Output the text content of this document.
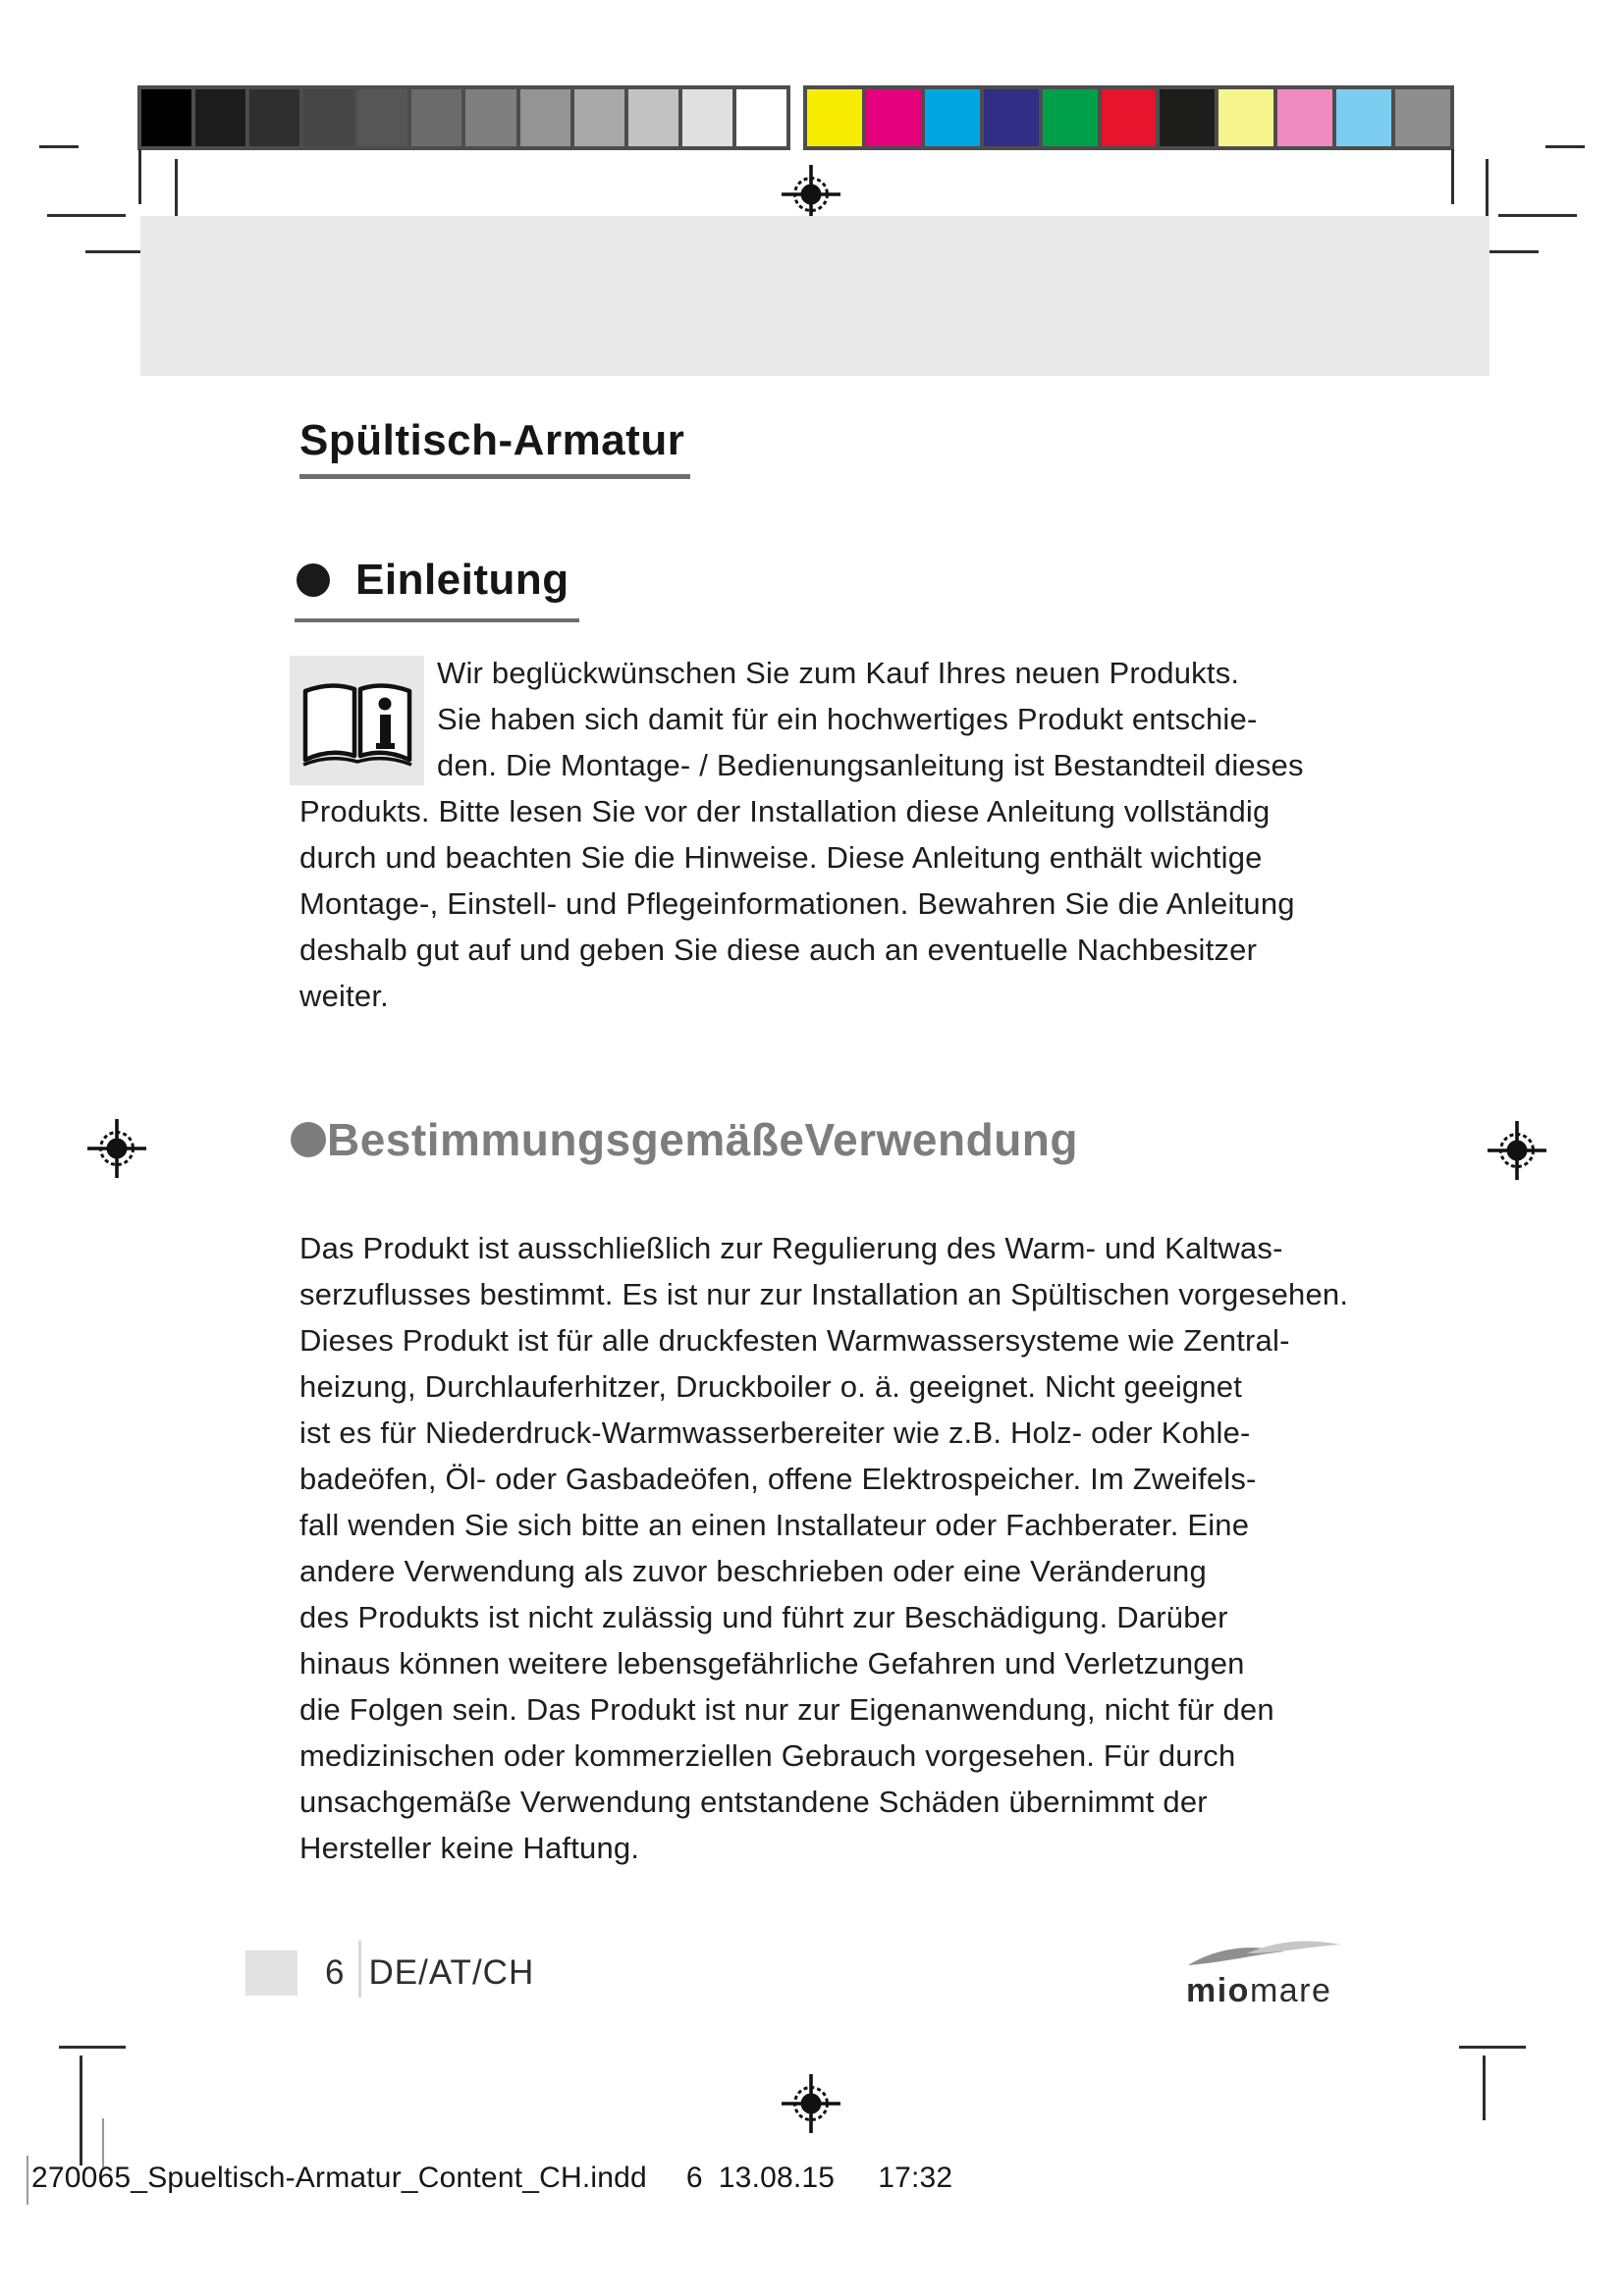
Spültisch-Armatur
Einleitung
Wir beglückwünschen Sie zum Kauf Ihres neuen Produkts.
Sie haben sich damit für ein hochwertiges Produkt entschie-
den. Die Montage- / Bedienungsanleitung ist Bestandteil dieses
Produkts. Bitte lesen Sie vor der Installation diese Anleitung vollständig
durch und beachten Sie die Hinweise. Diese Anleitung enthält wichtige
Montage-, Einstell- und Pflegeinformationen. Bewahren Sie die Anleitung
deshalb gut auf und geben Sie diese auch an eventuelle Nachbesitzer
weiter.
BestimmungsgemäßeVerwendung
Das Produkt ist ausschließlich zur Regulierung des Warm- und Kaltwas-
serzuflusses bestimmt. Es ist nur zur Installation an Spültischen vorgesehen.
Dieses Produkt ist für alle druckfesten Warmwassersysteme wie Zentral-
heizung, Durchlauferhitzer, Druckboiler o. ä. geeignet. Nicht geeignet
ist es für Niederdruck-Warmwasserbereiter wie z.B. Holz- oder Kohle-
badeöfen, Öl- oder Gasbadeöfen, offene Elektrospeicher. Im Zweifels-
fall wenden Sie sich bitte an einen Installateur oder Fachberater. Eine
andere Verwendung als zuvor beschrieben oder eine Veränderung
des Produkts ist nicht zulässig und führt zur Beschädigung. Darüber
hinaus können weitere lebensgefährliche Gefahren und Verletzungen
die Folgen sein. Das Produkt ist nur zur Eigenanwendung, nicht für den
medizinischen oder kommerziellen Gebrauch vorgesehen. Für durch
unsachgemäße Verwendung entstandene Schäden übernimmt der
Hersteller keine Haftung.
6 DE/AT/CH	miomare
270065_Spueltisch-Armatur_Content_CH.indd 6 13.08.15 17:32
